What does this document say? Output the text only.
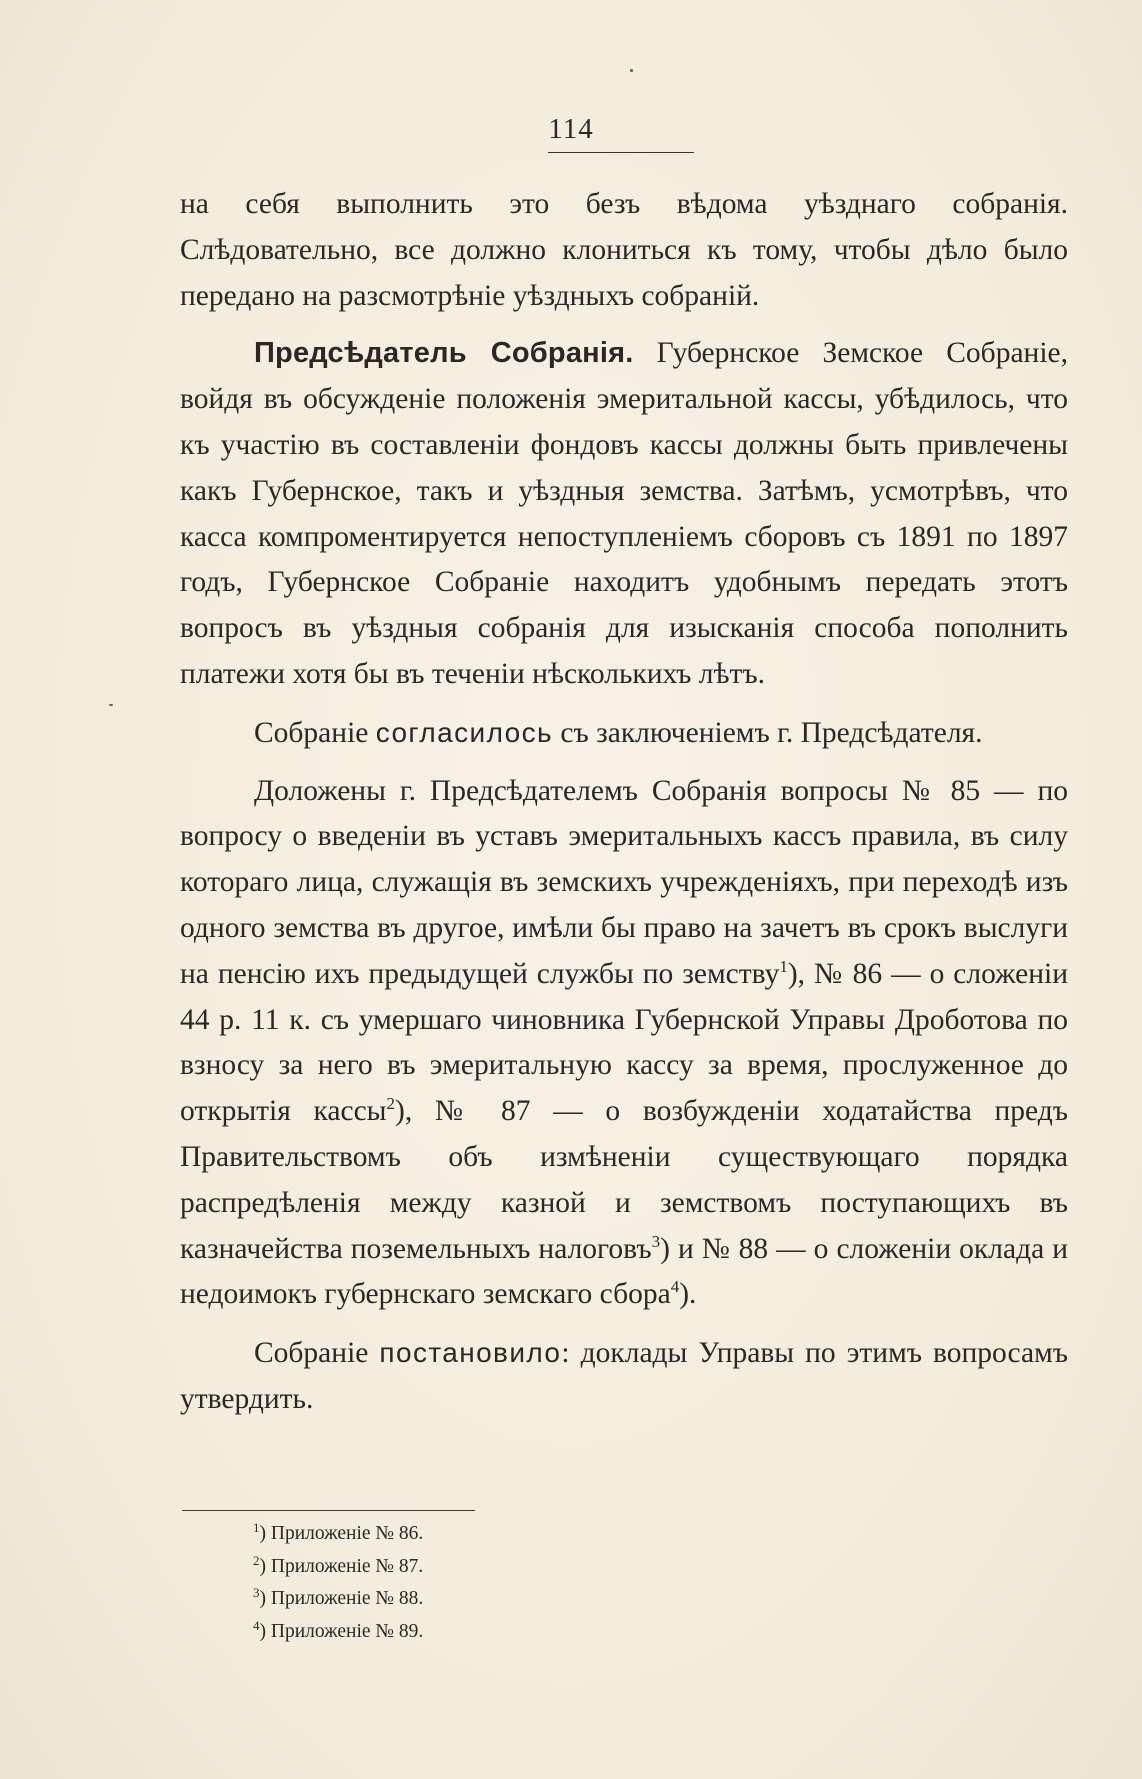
114

на себя выполнить это безъ вѣдома уѣзднаго собранія. Слѣдовательно, все должно клониться къ тому, чтобы дѣло было передано на разсмотрѣніе уѣздныхъ собраній.

Предсѣдатель Собранія. Губернское Земское Собраніе, войдя въ обсужденіе положенія эмеритальной кассы, убѣдилось, что къ участію въ составленіи фондовъ кассы должны быть привлечены какъ Губернское, такъ и уѣздныя земства. Затѣмъ, усмотрѣвъ, что касса компроментируется непоступленіемъ сборовъ съ 1891 по 1897 годъ, Губернское Собраніе находитъ удобнымъ передать этотъ вопросъ въ уѣздныя собранія для изысканія способа пополнить платежи хотя бы въ теченіи нѣсколькихъ лѣтъ.

Собраніе согласилось съ заключеніемъ г. Предсѣдателя.

Доложены г. Предсѣдателемъ Собранія вопросы № 85 — по вопросу о введеніи въ уставъ эмеритальныхъ кассъ правила, въ силу котораго лица, служащія въ земскихъ учрежденіяхъ, при переходѣ изъ одного земства въ другое, имѣли бы право на зачетъ въ срокъ выслуги на пенсію ихъ предыдущей службы по земству$^1$), № 86 — о сложеніи 44 р. 11 к. съ умершаго чиновника Губернской Управы Дроботова по взносу за него въ эмеритальную кассу за время, прослуженное до открытія кассы$^2$), № 87 — о возбужденіи ходатайства предъ Правительствомъ объ измѣненіи существующаго порядка распредѣленія между казной и земствомъ поступающихъ въ казначейства поземельныхъ налоговъ$^3$) и № 88 — о сложеніи оклада и недоимокъ губернскаго земскаго сбора$^4$).

Собраніе постановило: доклады Управы по этимъ вопросамъ утвердить.

$^1$) Приложеніе № 86.
$^2$) Приложеніе № 87.
$^3$) Приложеніе № 88.
$^4$) Приложеніе № 89.
